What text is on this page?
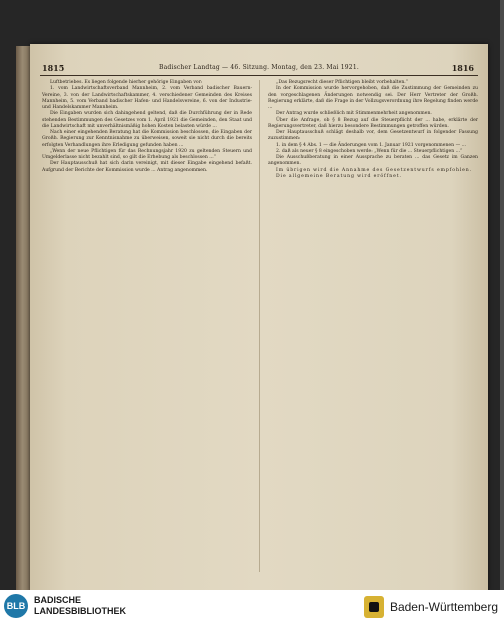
1815	Badischer Landtag — 46. Sitzung. Montag, den 23. Mai 1921.	1816

Luftbetriebes. Es liegen folgende hierher gehörige Eingaben vor:

1. vom Landwirtschaftsverband Mannheim, 2. vom Verband badischer Bauern-Vereine, 3. von der Landwirtschaftskammer, 4. verschiedener Gemeinden des Kreises Mannheim, 5. vom Verband badischer Hafen- und Handelsvereine, 6. von der Industrie- und Handelskammer Mannheim.

Die Eingaben wurden sich dahingehend geltend, daß die Durchführung der in Rede stehenden Bestimmungen des Gesetzes vom 1. April 1921 die Gemeinden, den Staat und die Landwirtschaft mit unverhältnismäßig hohen Kosten belasten würde ...

Nach einer eingehenden Beratung hat die Kommission beschlossen, die Eingaben der Großh. Regierung zur Kenntnisnahme zu überweisen, soweit sie nicht durch die bereits erfolgten Verhandlungen ihre Erledigung gefunden haben ...

„Wenn der neue Pflichtigen für das Rechnungsjahr 1920 zu geltenden Steuern und Umgelderlasse nicht bezahlt sind, so gilt die Erhebung als beschlossen ...“

Der Hauptausschuß hat sich darin vereinigt, mit dieser Eingabe eingehend befaßt. Aufgrund der Berichte der Kommission wurde ... Antrag angenommen.

„Das Bezugsrecht dieser Pflichtigen bleibt vorbehalten.“

In der Kommission wurde hervorgehoben, daß die Zustimmung der Gemeinden zu den vorgeschlagenen Änderungen notwendig sei. Der Herr Vertreter der Großh. Regierung erklärte, daß die Frage in der Vollzugsverordnung ihre Regelung finden werde ...

Der Antrag wurde schließlich mit Stimmenmehrheit angenommen.

Über die Anfrage, ob § 8 Bezug auf die Steuerpflicht der ... habe, erklärte der Regierungsvertreter, daß hierzu besondere Bestimmungen getroffen würden.

Der Hauptausschuß schlägt deshalb vor, dem Gesetzentwurf in folgender Fassung zuzustimmen:

1. in dem § 4 Abs. 1 — die Änderungen vom 1. Januar 1921 vorgenommenen — ...

2. daß als neuer § 8 eingeschoben werde: „Wenn für die ... Steuerpflichtigen ...“

Die Ausschußberatung in einer Aussprache zu beraten ... das Gesetz im Ganzen angenommen.

Im übrigen wird die Annahme des Gesetzentwurfs empfohlen.

Die allgemeine Beratung wird eröffnet.

BLB
BADISCHE
LANDESBIBLIOTHEK	Baden-Württemberg
